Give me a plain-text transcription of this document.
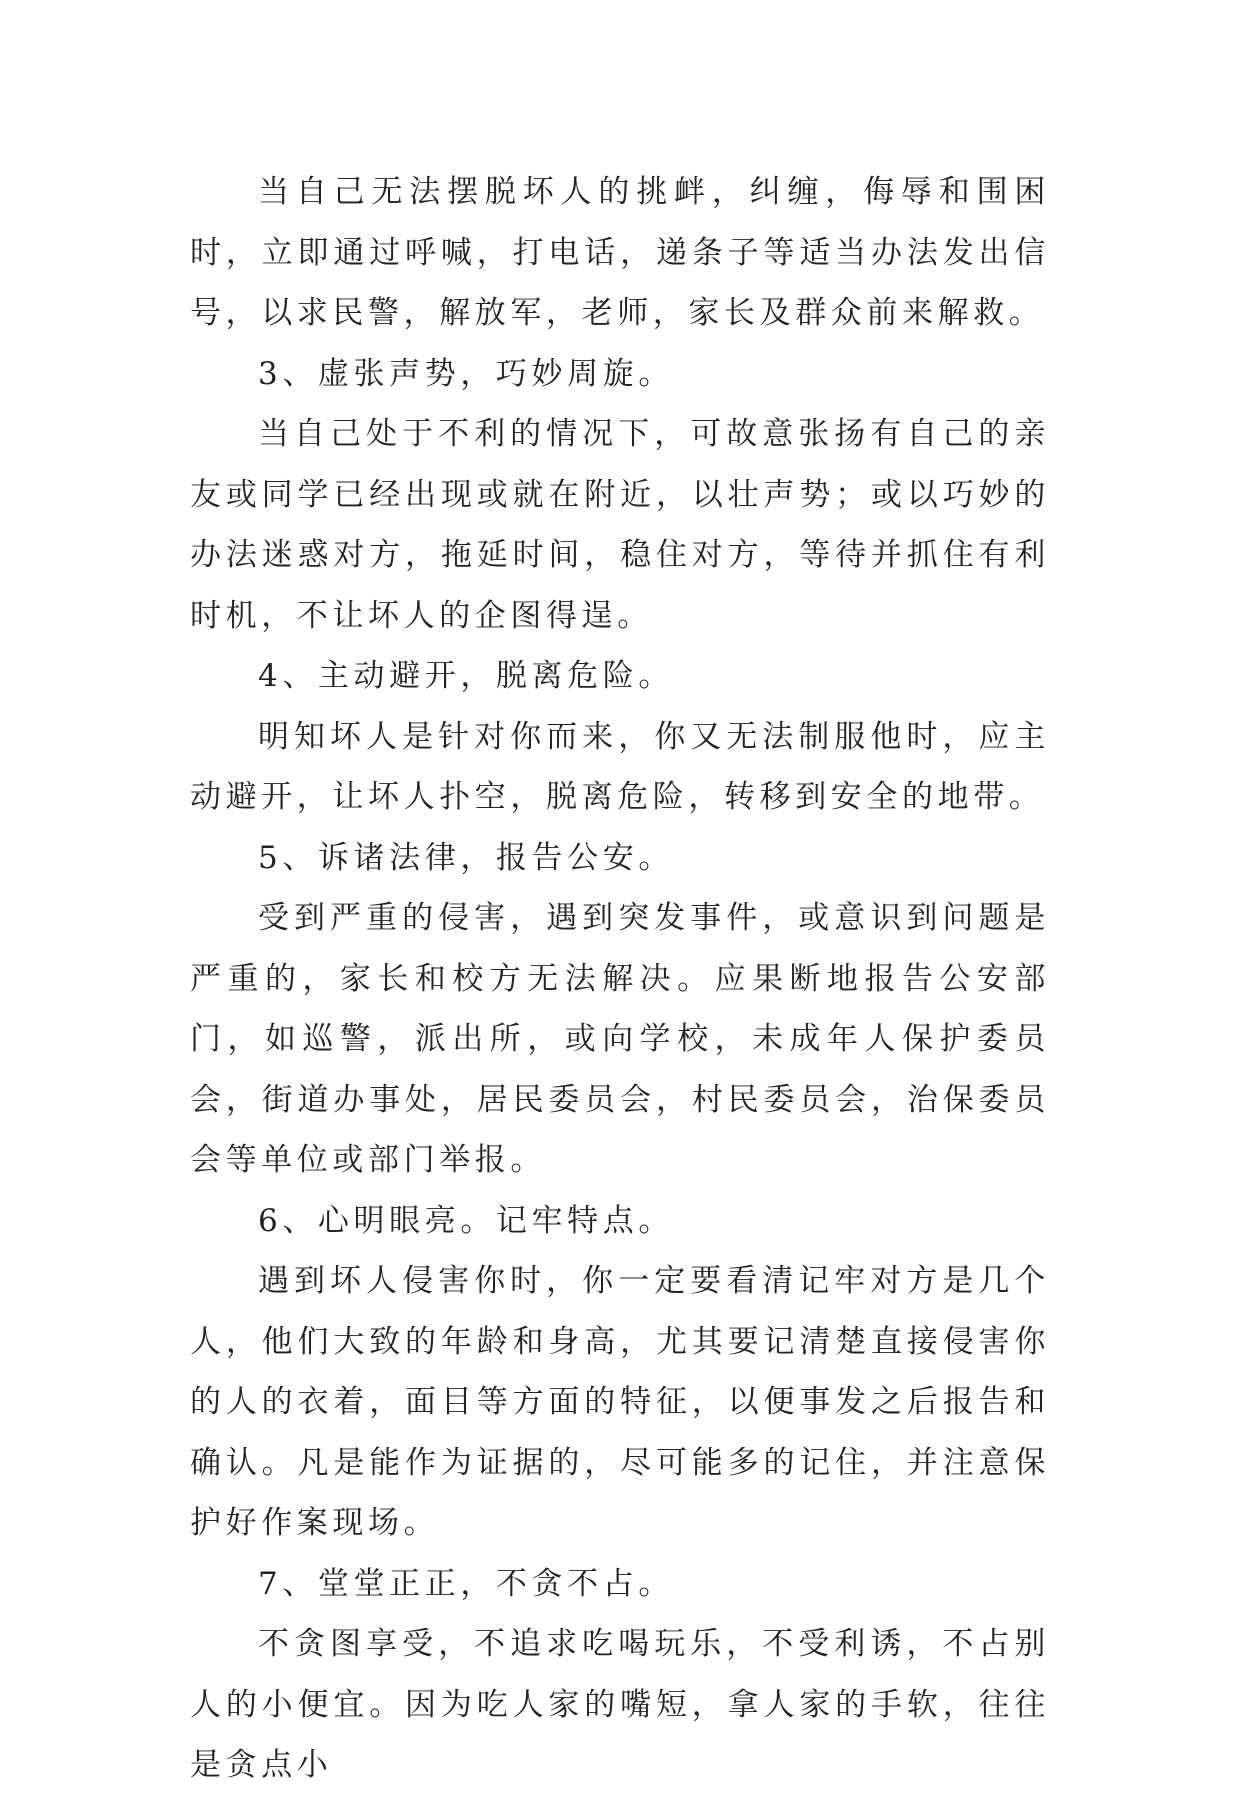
当自己无法摆脱坏人的挑衅，纠缠，侮辱和围困时，立即通过呼喊，打电话，递条子等适当办法发出信号，以求民警，解放军，老师，家长及群众前来解救。

3、虚张声势，巧妙周旋。

当自己处于不利的情况下，可故意张扬有自己的亲友或同学已经出现或就在附近，以壮声势；或以巧妙的办法迷惑对方，拖延时间，稳住对方，等待并抓住有利时机，不让坏人的企图得逞。

4、主动避开，脱离危险。

明知坏人是针对你而来，你又无法制服他时，应主动避开，让坏人扑空，脱离危险，转移到安全的地带。

5、诉诸法律，报告公安。

受到严重的侵害，遇到突发事件，或意识到问题是严重的，家长和校方无法解决。应果断地报告公安部门，如巡警，派出所，或向学校，未成年人保护委员会，街道办事处，居民委员会，村民委员会，治保委员会等单位或部门举报。

6、心明眼亮。记牢特点。

遇到坏人侵害你时，你一定要看清记牢对方是几个人，他们大致的年龄和身高，尤其要记清楚直接侵害你的人的衣着，面目等方面的特征，以便事发之后报告和确认。凡是能作为证据的，尽可能多的记住，并注意保护好作案现场。

7、堂堂正正，不贪不占。

不贪图享受，不追求吃喝玩乐，不受利诱，不占别人的小便宜。因为吃人家的嘴短，拿人家的手软，往往是贪点小
